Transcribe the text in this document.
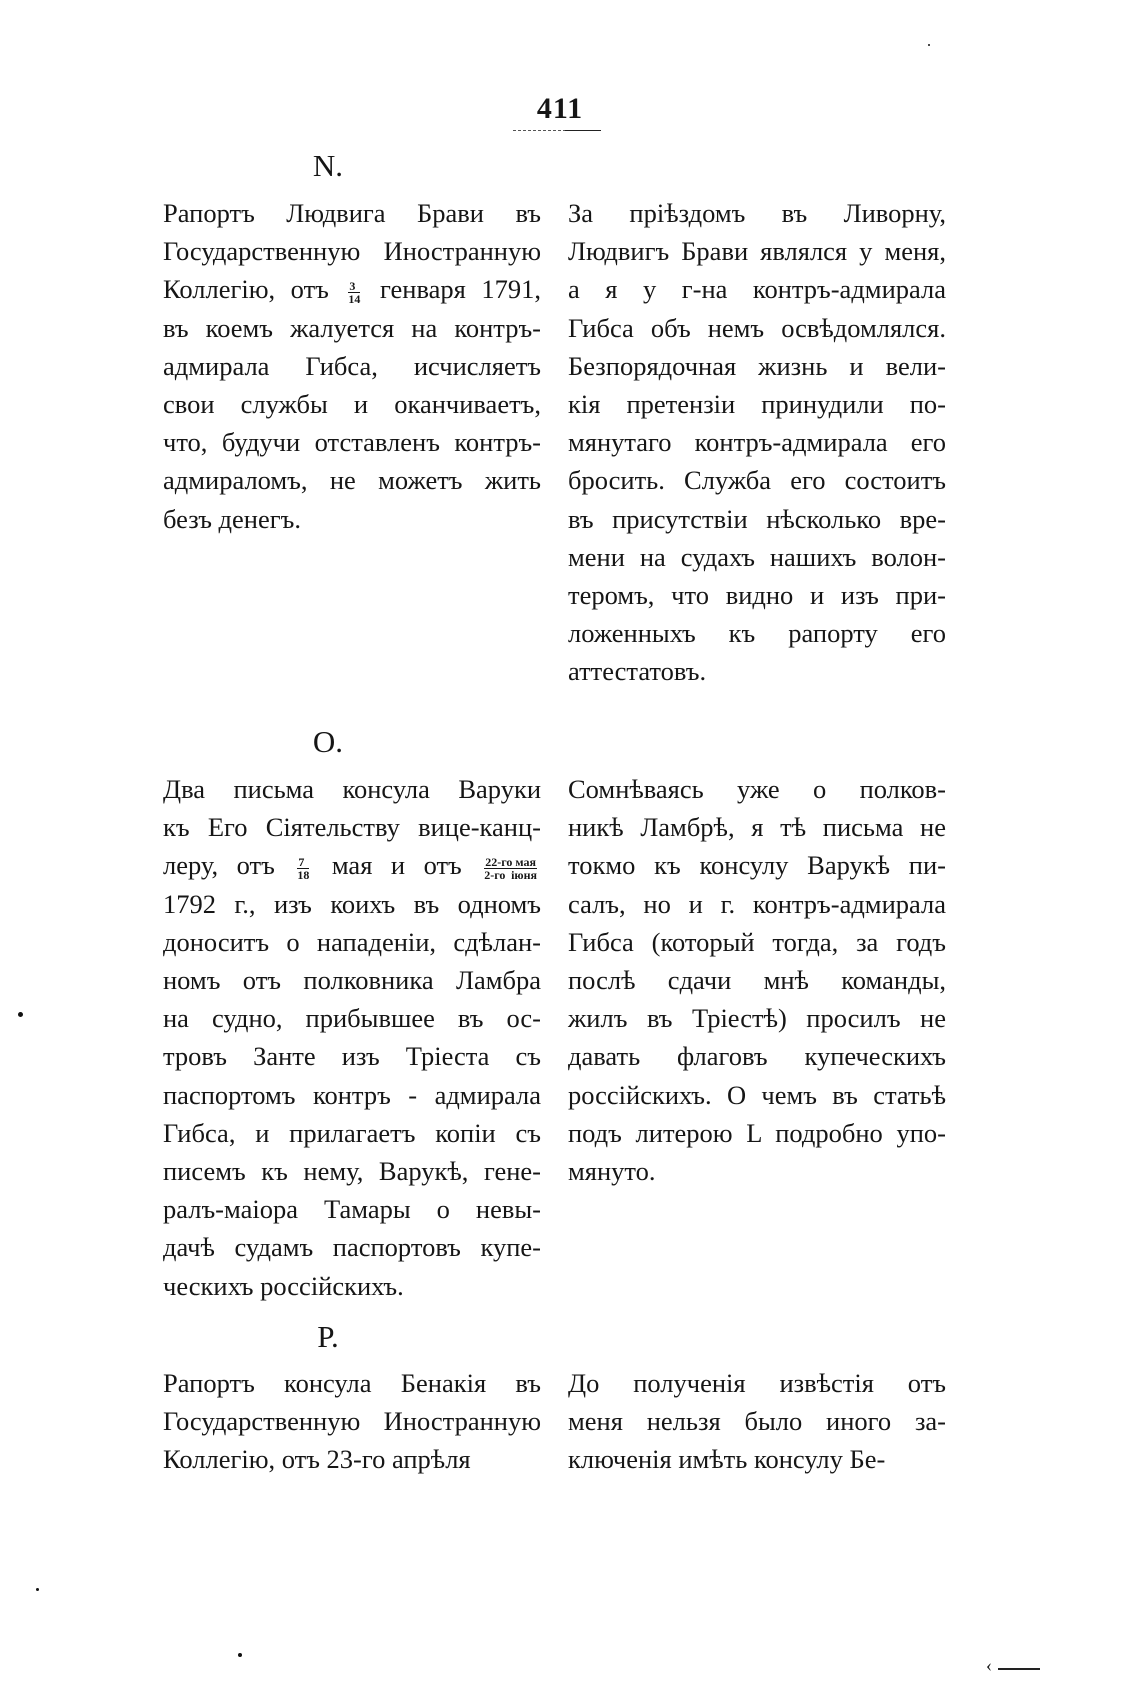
411
N.
Рапортъ Людвига Брави въ
Государственную Иностранную
Коллегію, отъ $\frac{3}{14}$ генваря 1791,
въ коемъ жалуется на контръ-
адмирала Гибса, исчисляетъ
свои службы и оканчиваетъ,
что, будучи отставленъ контръ-
адмираломъ, не можетъ жить
безъ денегъ.
За пріѣздомъ въ Ливорну,
Людвигъ Брави являлся у меня,
а я у г-на контръ-адмирала
Гибса объ немъ освѣдомлялся.
Безпорядочная жизнь и вели-
кія претензіи принудили по-
мянутаго контръ-адмирала его
бросить. Служба его состоитъ
въ присутствіи нѣсколько вре-
мени на судахъ нашихъ волон-
теромъ, что видно и изъ при-
ложенныхъ къ рапорту его
аттестатовъ.
O.
Два письма консула Варуки
къ Его Сіятельству вице-канц-
леру, отъ $\frac{7}{18}$ мая и отъ $\frac{\text{22-го мая}}{\text{2-го іюня}}$
1792 г., изъ коихъ въ одномъ
доноситъ о нападеніи, сдѣлан-
номъ отъ полковника Ламбра
на судно, прибывшее въ ос-
тровъ Занте изъ Тріеста съ
паспортомъ контръ - адмирала
Гибса, и прилагаетъ копіи съ
писемъ къ нему, Варукѣ, гене-
ралъ-маіора Тамары о невы-
дачѣ судамъ паспортовъ купе-
ческихъ россійскихъ.
Сомнѣваясь уже о полков-
никѣ Ламбрѣ, я тѣ письма не
токмо къ консулу Варукѣ пи-
салъ, но и г. контръ-адмирала
Гибса (который тогда, за годъ
послѣ сдачи мнѣ команды,
жилъ въ Тріестѣ) просилъ не
давать флаговъ купеческихъ
россійскихъ. О чемъ въ статьѣ
подъ литерою L подробно упо-
мянуто.
P.
Рапортъ консула Бенакія въ
Государственную Иностранную
Коллегію, отъ 23-го апрѣля
До полученія извѣстія отъ
меня нельзя было иного за-
ключенія имѣть консулу Бе-
‹
